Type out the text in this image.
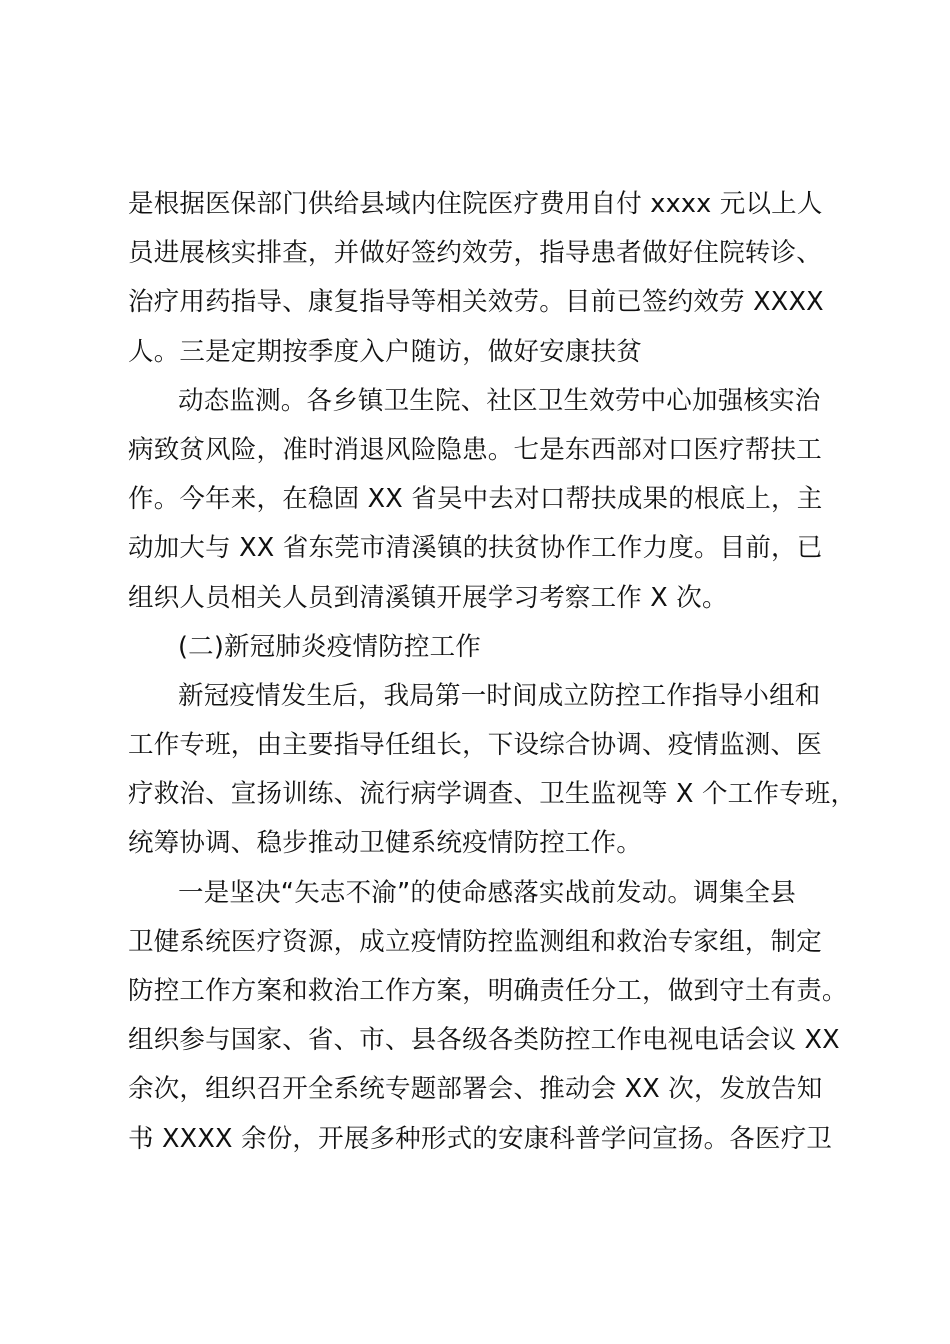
是根据医保部门供给县域内住院医疗费用自付 xxxx 元以上人
员进展核实排查，并做好签约效劳，指导患者做好住院转诊、
治疗用药指导、康复指导等相关效劳。目前已签约效劳 XXXX
人。三是定期按季度入户随访，做好安康扶贫
动态监测。各乡镇卫生院、社区卫生效劳中心加强核实治
病致贫风险，准时消退风险隐患。七是东西部对口医疗帮扶工
作。今年来，在稳固 XX 省吴中去对口帮扶成果的根底上，主
动加大与 XX 省东莞市清溪镇的扶贫协作工作力度。目前，已
组织人员相关人员到清溪镇开展学习考察工作 X 次。
(二)新冠肺炎疫情防控工作
新冠疫情发生后，我局第一时间成立防控工作指导小组和
工作专班，由主要指导任组长，下设综合协调、疫情监测、医
疗救治、宣扬训练、流行病学调查、卫生监视等 X 个工作专班，
统筹协调、稳步推动卫健系统疫情防控工作。
一是坚决“矢志不渝”的使命感落实战前发动。调集全县
卫健系统医疗资源，成立疫情防控监测组和救治专家组，制定
防控工作方案和救治工作方案，明确责任分工，做到守土有责。
组织参与国家、省、市、县各级各类防控工作电视电话会议 XX
余次，组织召开全系统专题部署会、推动会 XX 次，发放告知
书 XXXX 余份，开展多种形式的安康科普学问宣扬。各医疗卫
